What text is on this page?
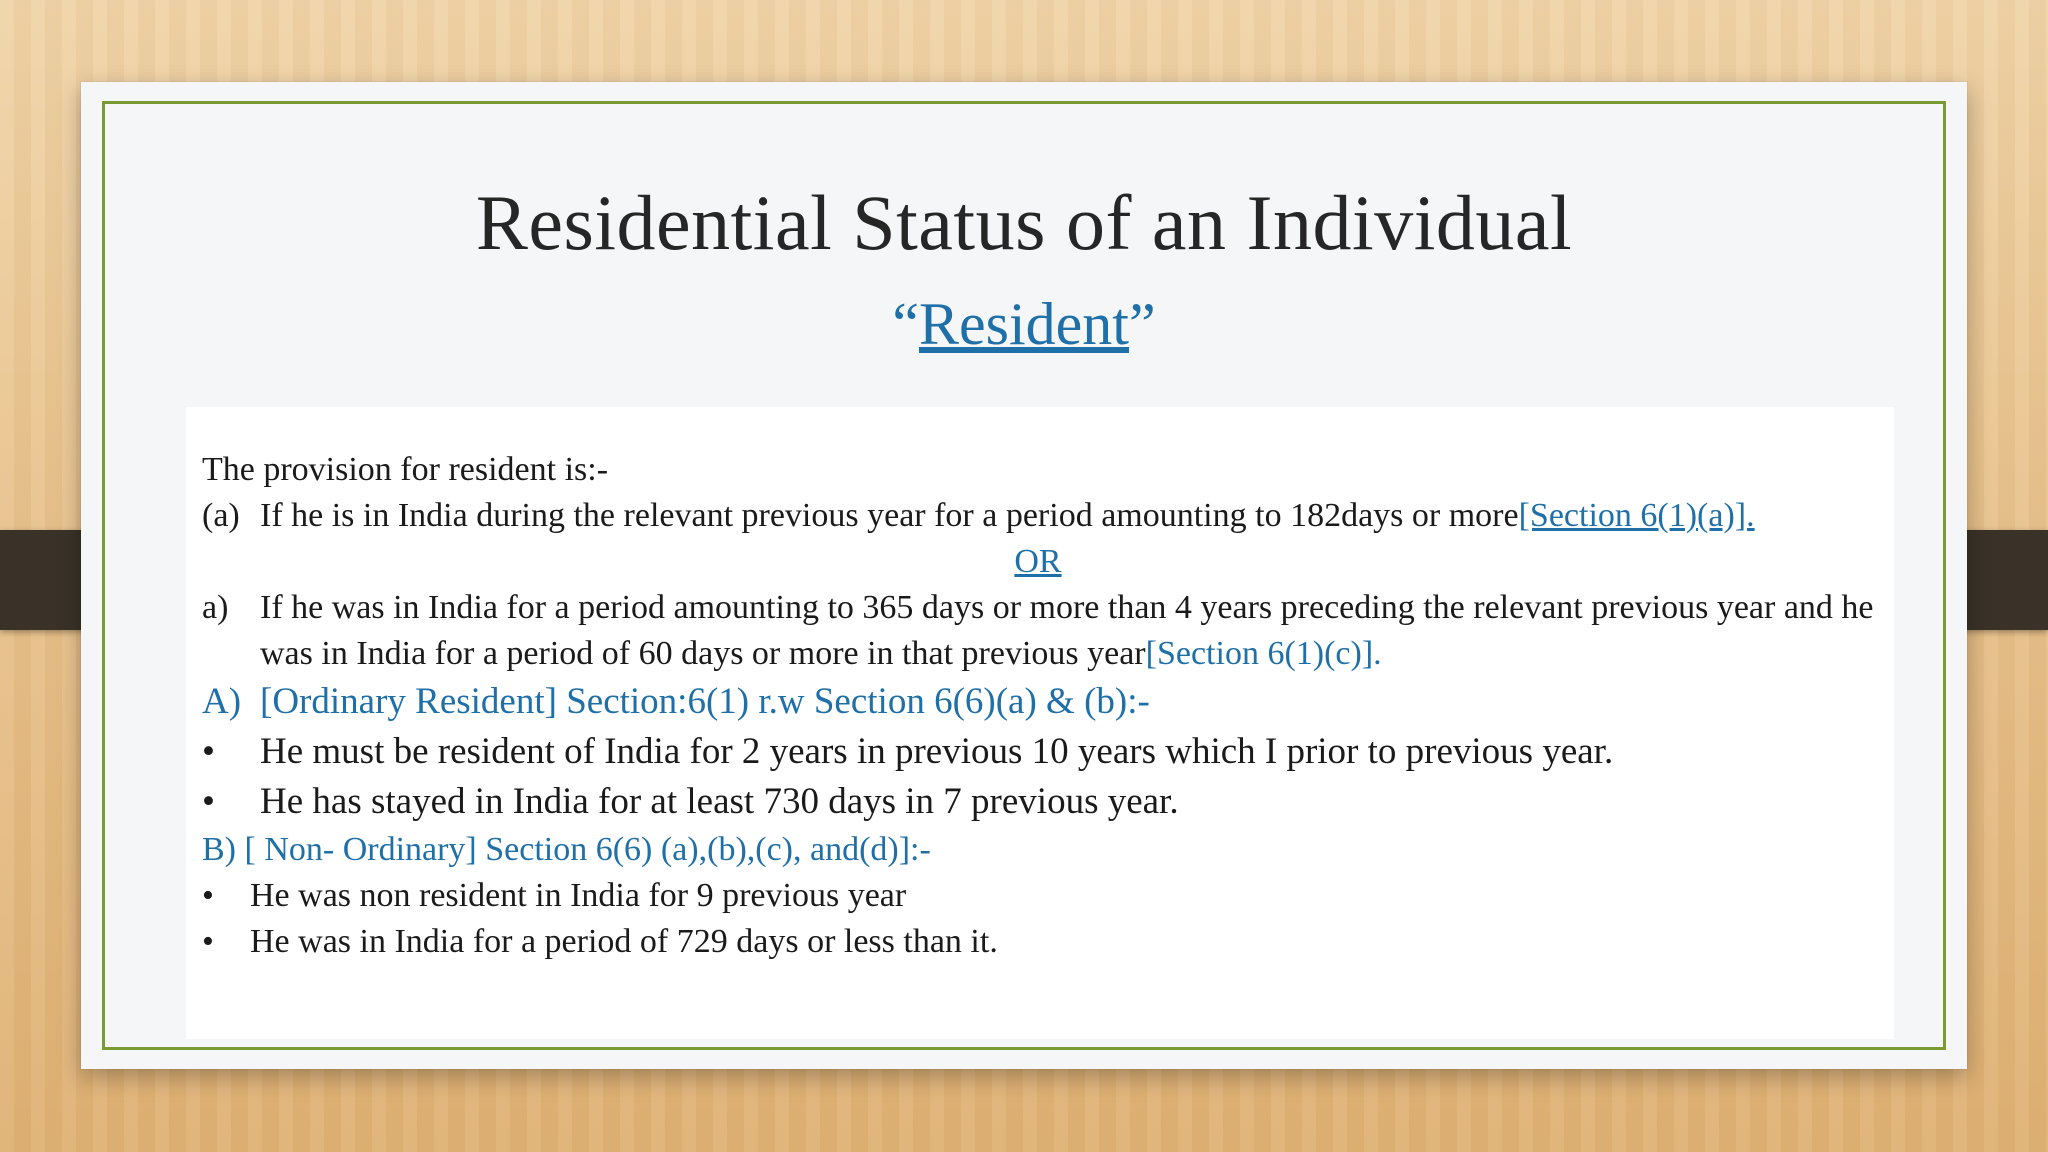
Residential Status of an Individual
“Resident”

The provision for resident is:-

(a) If he is in India during the relevant previous year for a period amounting to 182days or more[Section 6(1)(a)].

OR

a) If he was in India for a period amounting to 365 days or more than 4 years preceding the relevant previous year and he was in India for a period of 60 days or more in that previous year[Section 6(1)(c)].
A) [Ordinary Resident] Section:6(1) r.w Section 6(6)(a) & (b):-
•	He must be resident of India for 2 years in previous 10 years which I prior to previous year.
•	He has stayed in India for at least 730 days in 7 previous year.

B) [ Non- Ordinary] Section 6(6) (a),(b),(c), and(d)]:-

•	He was non resident in India for 9 previous year
•	He was in India for a period of 729 days or less than it.
